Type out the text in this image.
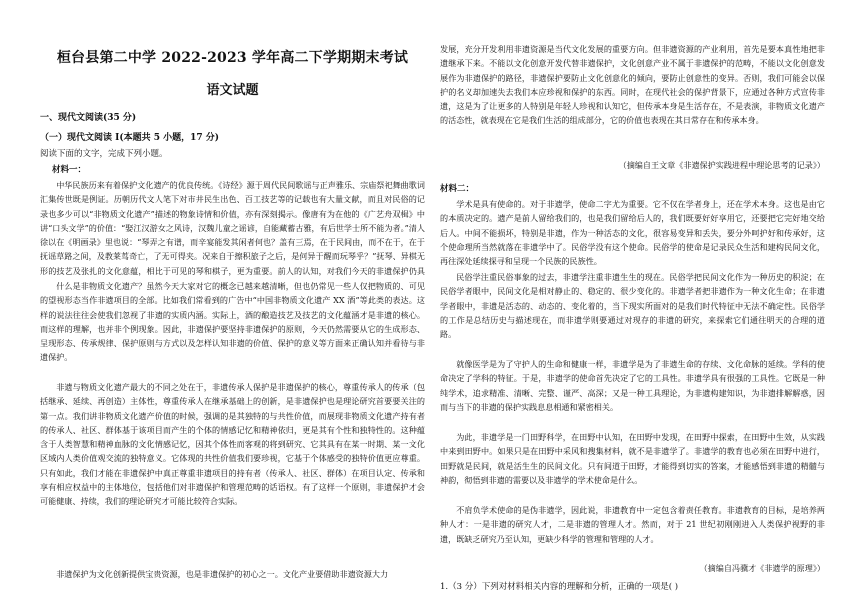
桓台县第二中学 2022-2023 学年高二下学期期末考试
语文试题
一、现代文阅读(35 分)
（一）现代文阅读 I(本题共 5 小题，17 分)
阅读下面的文字，完成下列小题。
材料一：

中华民族历来有着保护文化遗产的优良传统。《诗经》源于周代民间歌谣与正声雅乐、宗庙祭祀舞曲歌词汇集传世既是例证。历朝历代文人笔下对市井民生出色、百工技艺等的记载也有大量文献，而且对民俗的记录也多少可以“非物质文化遗产”描述的物象诗情和价值，亦有深刻揭示。像唐有为在他的《广艺舟双楫》中讲“口头文学”的价值：“娶江汉游女之风诗，汉魏儿童之谣谚，自能藏蓄古雅，有后世学士所不能为者。”清人徐以在《明画录》里也说：“琴弄之有谱，而辛宴能发其闲者何也？盖有三焉，在于民间由，而不在于，在于抚谣草路之间，及教莱茑奇亡，了无可得夹。况来自于擦积旅子之后，是何异于醒而玩琴乎？”抚琴、异棋无形的技艺及张扎的文化意蕴，相比于可见的琴和棋子，更为重要。前人的认知，对我们今天的非遗保护仍具

什么是非物质文化遗产？虽然今天大家对它的概念已越来越清晰，但也仍常见一些人仅把物质的、可见的望视形态当作非遗项目的全部。比如我们常看到的广告中“中国非物质文化遗产 XX 酒”等此类的表达。这样的说法往往会使我们忽视了非遗的实质内涵。实际上，酒的酿造技艺及技艺的文化蕴涵才是非遗的核心。而这样的理解，也并非个例现象。因此，非遗保护要坚持非遗保护的原则，今天仍然需要从它的生成形态、呈现形态、传承规律、保护原则与方式以及怎样认知非遗的价值、保护的意义等方面来正确认知并看待与非遗保护。

非遗与物质文化遗产最大的不同之处在于，非遗传承人保护是非遗保护的核心，尊重传承人的传承（包括继承、延续、再创造）主体性，尊重传承人在继承基础上的创新，是非遗保护也是理论研究首要要关注的第一点。我们讲非物质文化遗产价值的时候，强调的是其独特的与共性价值，而展现非物质文化遗产持有者的传承人、社区、群体基于该项目而产生的个体的情感记忆和精神依归，更是其有个性和独特性的。这种蕴含于人类智慧和精神血脉的文化情感记忆，因其个体性而客观的将到研究、它其具有在某一时期、某一文化区域内人类价值观交流的独特意义。它体现的共性价值我们要珍视，它基于个体感受的独特价值更应尊重。只有如此，我们才能在非遗保护中真正尊重非遗项目的持有者（传承人、社区、群体）在项目认定、传承和享有相应权益中的主体地位，包括他们对非遗保护和管理范畴的话语权。有了这样一个原则，非遗保护才会可能健康、持续，我们的理论研究才可能比较符合实际。

非遗保护为文化创新提供宝贵资源，也是非遗保护的初心之一。文化产业要借助非遗资源大力

发展，充分开发利用非遗资源是当代文化发展的重要方向。但非遗资源的产业利用，首先是要本真性地把非遗继承下来。不能以文化创意开发代替非遗保护，文化创意产业不属于非遗保护的范畴，不能以文化创意发展作为非遗保护的路径，非遗保护要防止文化创意化的倾向，要防止创意性的变异。否则，我们可能会以保护的名义却加速失去我们本应珍视和保护的东西。同时，在现代社会的保护背景下，应通过各种方式宣传非遗，这是为了让更多的人特别是年轻人珍视和认知它，但传承本身是生活存在，不是表演，非物质文化遗产的活态性，就表现在它是我们生活的组成部分，它的价值也表现在其日常存在和传承本身。

（摘编自王文章《非遗保护实践进程中理论思考的记录》）
材料二：

学术是具有使命的。对于非遗学，使命二字尤为重要。它不仅在学者身上，还在学术本身。这也是由它的本质决定的。遗产是前人留给我们的，也是我们留给后人的，我们既要好好享用它，还要把它完好地交给后人。中间不能损坏，特别是非遗，作为一种活态的文化，很容易变异和丢失，要分外呵护好和传承好，这个使命理所当然就落在非遗学中了。民俗学没有这个使命。民俗学的使命是记录民众生活和建构民间文化，再往深处延续探寻和呈现一个民族的民族性。

民俗学注重民俗事象的过去，非遗学注重非遗生生的现在。民俗学把民间文化作为一种历史的积淀；在民俗学者眼中，民间文化是相对静止的、稳定的、很少变化的。非遗学者把非遗作为一种文化生命；在非遗学者眼中，非遗是活态的、动态的、变化着的，当下现实所面对的是我们时代特征中无法不确定性。民俗学的工作是总结历史与描述现在，而非遗学则要通过对现存的非遗的研究，来探索它们通往明天的合理的道路。

就像医学是为了守护人的生命和健康一样，非遗学是为了非遗生命的存续、文化命脉的延续。学科的使命决定了学科的特征。于是，非遗学的使命首先决定了它的工具性。非遗学具有很强的工具性。它既是一种纯学术，追求精准、清晰、完整、谨严、高深；又是一种工具理论，为非遗构建知识，为非遗排解解惑，因而与当下的非遗的保护实践息息相通和紧密相关。

为此，非遗学是一门田野科学，在田野中认知，在田野中发现，在田野中探索，在田野中生效，从实践中来到田野中。如果只是在田野中采风和搜集材料，就不是非遗学了。非遗学的教育也必须在田野中进行，田野就是民间，就是活生生的民间文化。只有间道于田野，才能得到切实的答案，才能感悟到非遗的精髓与神韵，彻悟到非遗的需要以及非遗学的学术使命是什么。

不肩负学术使命的是伪非遗学，因此说，非遗教育中一定包含着责任教育。非遗教育的目标，是培养两种人才：一是非遗的研究人才，二是非遗的管理人才。然而，对于 21 世纪初刚刚进入人类保护视野的非遗，既缺乏研究乃至认知，更缺少科学的管理和管理的人才。

（摘编自冯骥才《非遗学的原理》）
1.（3 分）下列对材料相关内容的理解和分析，正确的一项是( )
